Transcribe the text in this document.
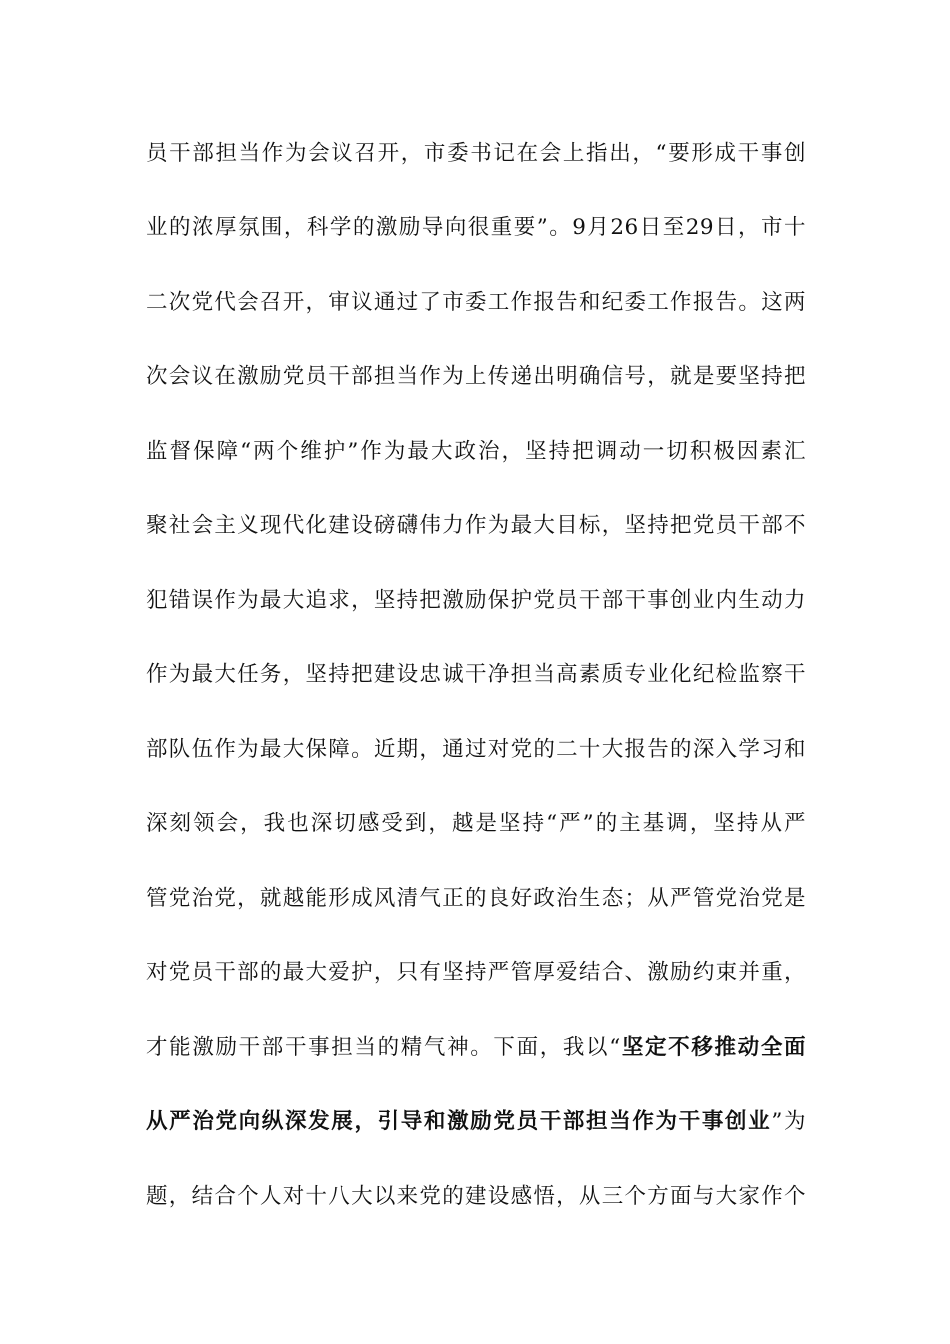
员干部担当作为会议召开，市委书记在会上指出，“要形成干事创
业的浓厚氛围，科学的激励导向很重要”。9月26日至29日，市十
二次党代会召开，审议通过了市委工作报告和纪委工作报告。这两
次会议在激励党员干部担当作为上传递出明确信号，就是要坚持把
监督保障“两个维护”作为最大政治，坚持把调动一切积极因素汇
聚社会主义现代化建设磅礴伟力作为最大目标，坚持把党员干部不
犯错误作为最大追求，坚持把激励保护党员干部干事创业内生动力
作为最大任务，坚持把建设忠诚干净担当高素质专业化纪检监察干
部队伍作为最大保障。近期，通过对党的二十大报告的深入学习和
深刻领会，我也深切感受到，越是坚持“严”的主基调，坚持从严
管党治党，就越能形成风清气正的良好政治生态；从严管党治党是
对党员干部的最大爱护，只有坚持严管厚爱结合、激励约束并重，
才能激励干部干事担当的精气神。下面，我以“坚定不移推动全面
从严治党向纵深发展，引导和激励党员干部担当作为干事创业”为
题，结合个人对十八大以来党的建设感悟，从三个方面与大家作个
